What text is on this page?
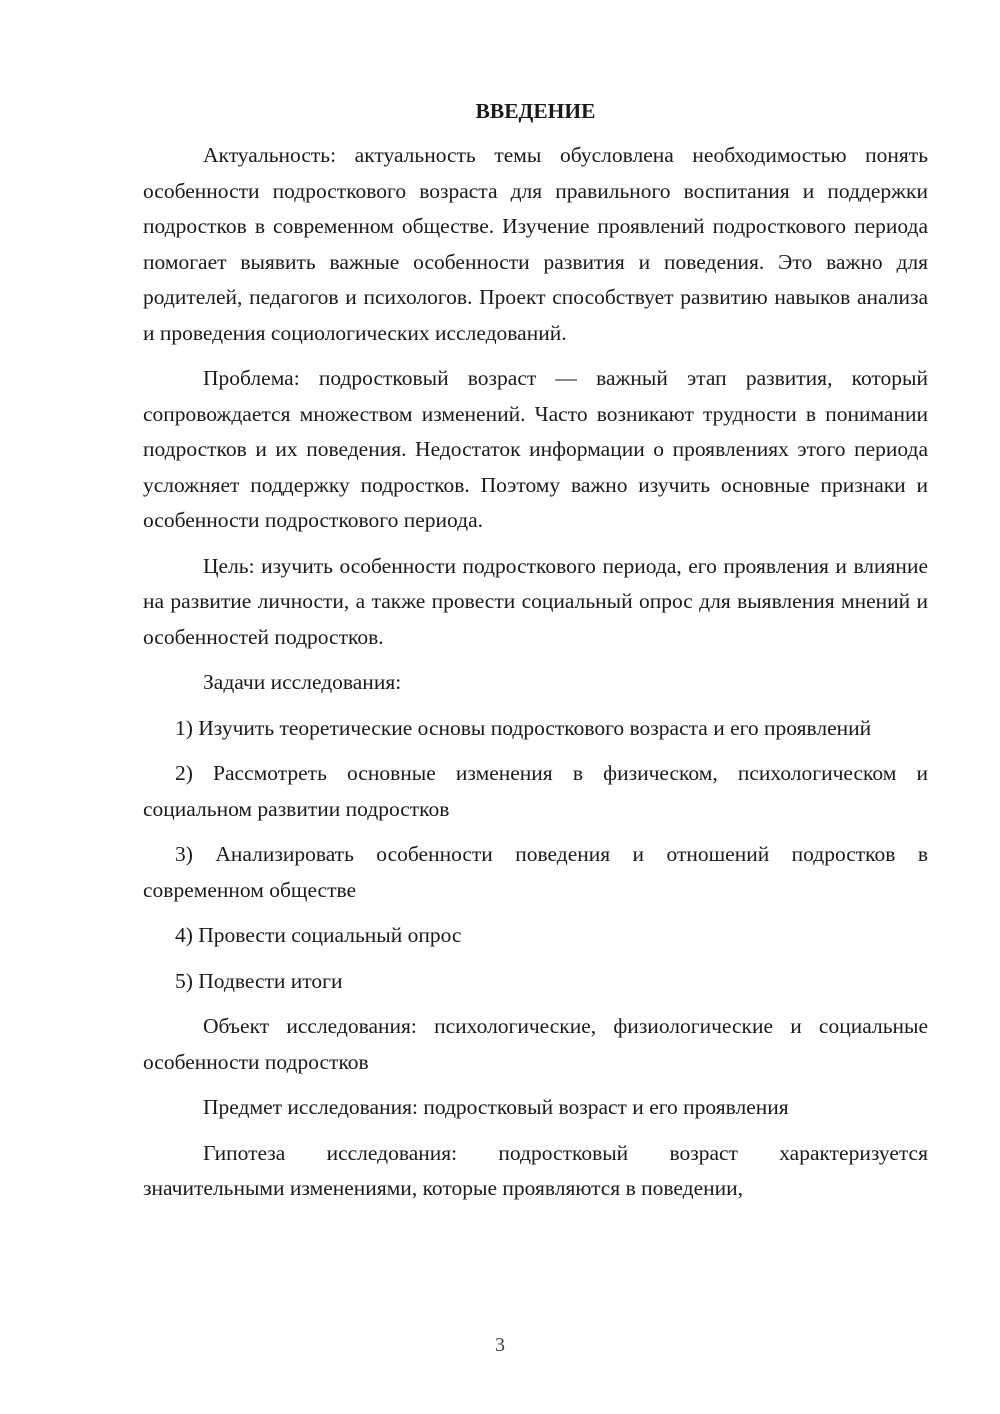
ВВЕДЕНИЕ

Актуальность: актуальность темы обусловлена необходимостью понять особенности подросткового возраста для правильного воспитания и поддержки подростков в современном обществе. Изучение проявлений подросткового периода помогает выявить важные особенности развития и поведения. Это важно для родителей, педагогов и психологов. Проект способствует развитию навыков анализа и проведения социологических исследований.

Проблема: подростковый возраст — важный этап развития, который сопровождается множеством изменений. Часто возникают трудности в понимании подростков и их поведения. Недостаток информации о проявлениях этого периода усложняет поддержку подростков. Поэтому важно изучить основные признаки и особенности подросткового периода.

Цель: изучить особенности подросткового периода, его проявления и влияние на развитие личности, а также провести социальный опрос для выявления мнений и особенностей подростков.

Задачи исследования:

1) Изучить теоретические основы подросткового возраста и его проявлений

2) Рассмотреть основные изменения в физическом, психологическом и социальном развитии подростков

3) Анализировать особенности поведения и отношений подростков в современном обществе

4) Провести социальный опрос

5) Подвести итоги

Объект исследования: психологические, физиологические и социальные особенности подростков

Предмет исследования: подростковый возраст и его проявления

Гипотеза исследования: подростковый возраст характеризуется значительными изменениями, которые проявляются в поведении,

3
